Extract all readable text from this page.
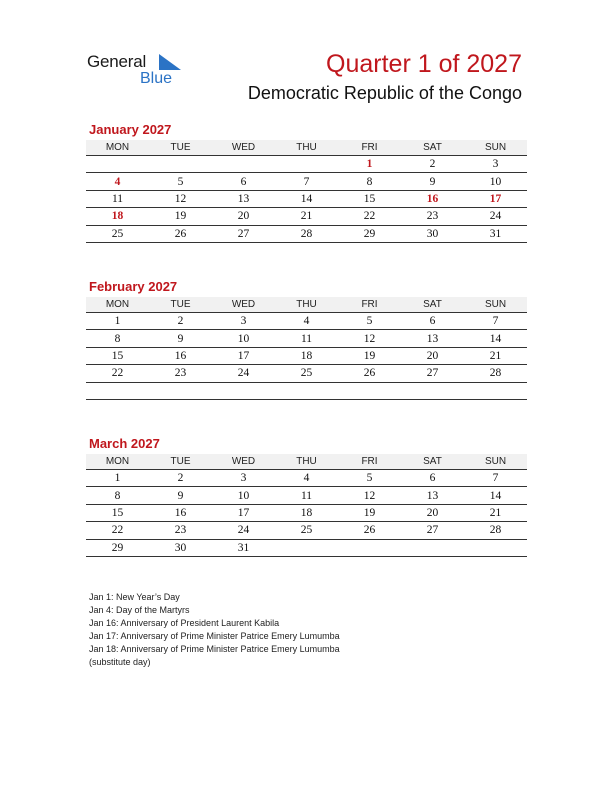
General
Blue
Quarter 1 of 2027
Democratic Republic of the Congo
January 2027
MON	TUE	WED	THU	FRI	SAT	SUN
				1	2	3
4	5	6	7	8	9	10
11	12	13	14	15	16	17
18	19	20	21	22	23	24
25	26	27	28	29	30	31
February 2027
MON	TUE	WED	THU	FRI	SAT	SUN
1	2	3	4	5	6	7
8	9	10	11	12	13	14
15	16	17	18	19	20	21
22	23	24	25	26	27	28

March 2027
MON	TUE	WED	THU	FRI	SAT	SUN
1	2	3	4	5	6	7
8	9	10	11	12	13	14
15	16	17	18	19	20	21
22	23	24	25	26	27	28
29	30	31				
Jan 1: New Year’s Day
Jan 4: Day of the Martyrs
Jan 16: Anniversary of President Laurent Kabila
Jan 17: Anniversary of Prime Minister Patrice Emery Lumumba
Jan 18: Anniversary of Prime Minister Patrice Emery Lumumba
(substitute day)
